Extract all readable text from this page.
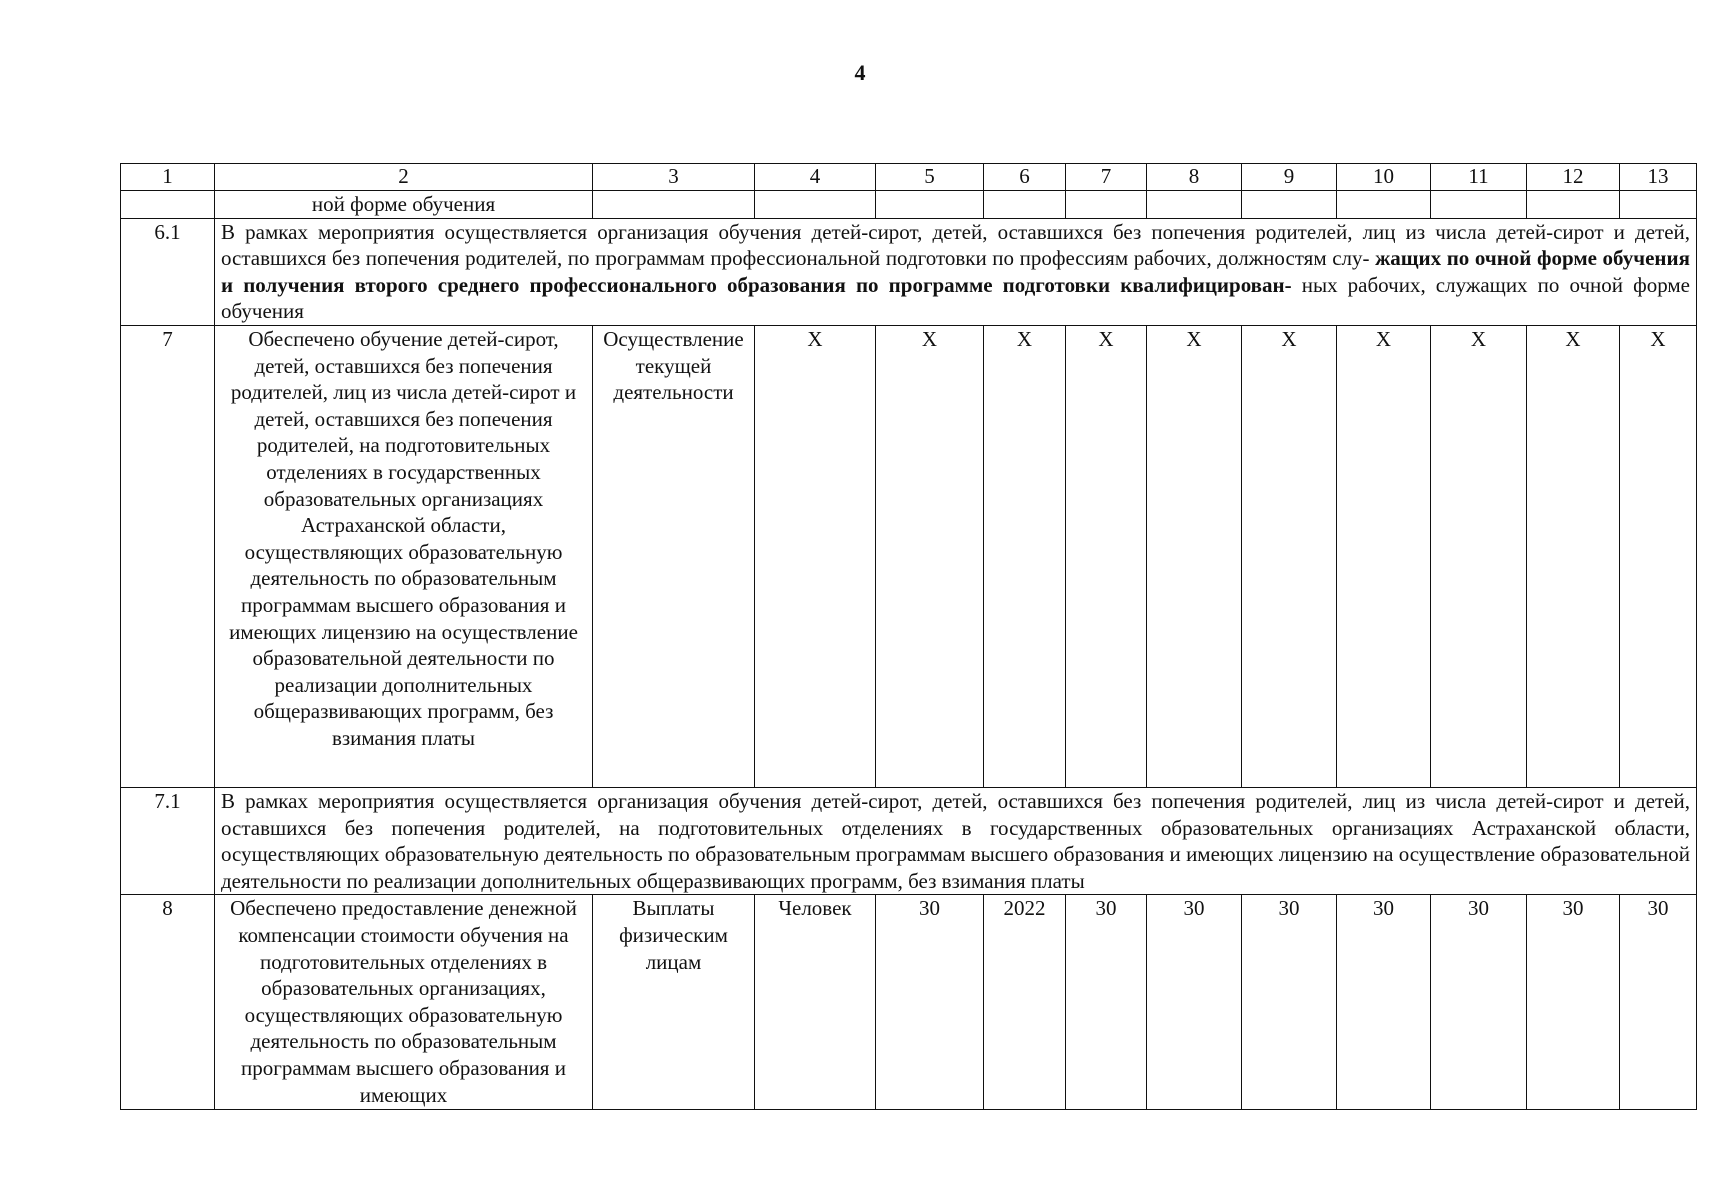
4
1	2	3	4	5	6	7	8	9	10	11	12	13
	ной форме обучения											
6.1	В рамках мероприятия осуществляется организация обучения детей-сирот, детей, оставшихся без попечения родителей, лиц из числа детей-сирот и детей, оставшихся без попечения родителей, по программам профессиональной подготовки по профессиям рабочих, должностям слу- жащих по очной форме обучения и получения второго среднего профессионального образования по программе подготовки квалифицирован- ных рабочих, служащих по очной форме обучения											
7	Обеспечено обучение детей-сирот, детей, оставшихся без попечения родителей, лиц из числа детей-сирот и детей, оставшихся без попечения родителей, на подготовительных отделениях в государственных образовательных организациях Астраханской области, осуществляющих образовательную деятельность по образовательным программам высшего образования и имеющих лицензию на осуществление образовательной деятельности по реализации дополнительных общеразвивающих программ, без взимания платы	Осуществление текущей деятельности	X	X	X	X	X	X	X	X	X	X
7.1	В рамках мероприятия осуществляется организация обучения детей-сирот, детей, оставшихся без попечения родителей, лиц из числа детей-сирот и детей, оставшихся без попечения родителей, на подготовительных отделениях в государственных образовательных организациях Астраханской области, осуществляющих образовательную деятельность по образовательным программам высшего образования и имеющих лицензию на осуществление образовательной деятельности по реализации дополнительных общеразвивающих программ, без взимания платы											
8	Обеспечено предоставление денежной компенсации стоимости обучения на подготовительных отделениях в образовательных организациях, осуществляющих образовательную деятельность по образовательным программам высшего образования и имеющих	Выплаты физическим лицам	Человек	30	2022	30	30	30	30	30	30	30
